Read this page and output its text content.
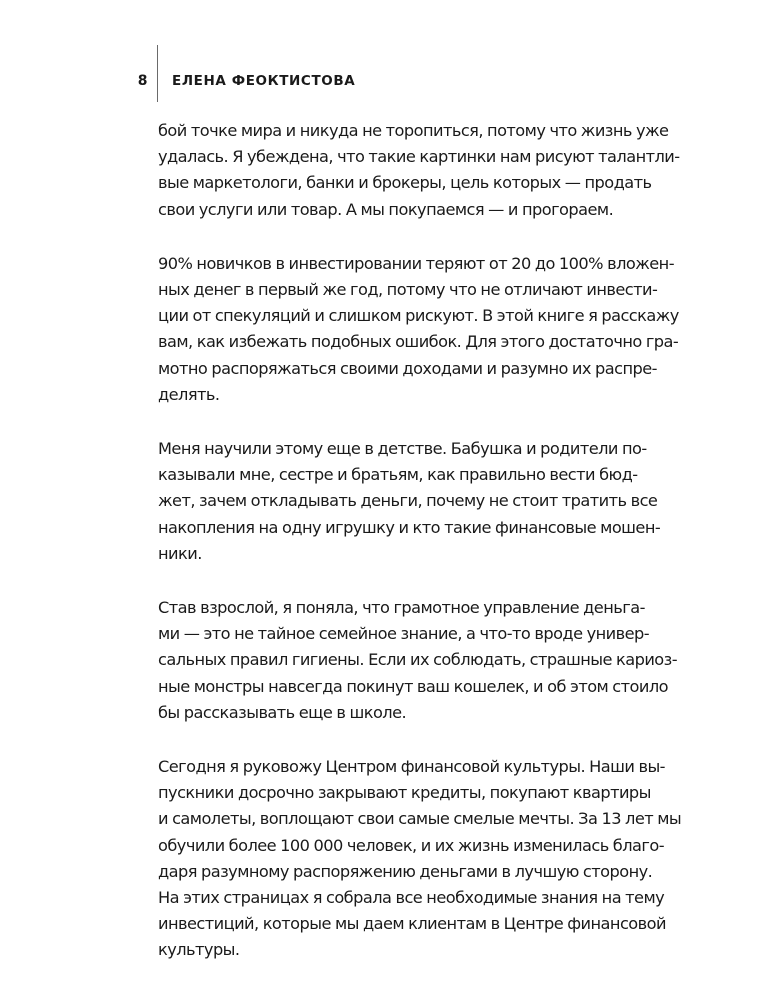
8 ЕЛЕНА ФЕОКТИСТОВА

бой точке мира и никуда не торопиться, потому что жизнь уже
удалась. Я убеждена, что такие картинки нам рисуют талантли-
вые маркетологи, банки и брокеры, цель которых — продать
свои услуги или товар. А мы покупаемся — и прогораем.

90% новичков в инвестировании теряют от 20 до 100% вложен-
ных денег в первый же год, потому что не отличают инвести-
ции от спекуляций и слишком рискуют. В этой книге я расскажу
вам, как избежать подобных ошибок. Для этого достаточно гра-
мотно распоряжаться своими доходами и разумно их распре-
делять.

Меня научили этому еще в детстве. Бабушка и родители по-
казывали мне, сестре и братьям, как правильно вести бюд-
жет, зачем откладывать деньги, почему не стоит тратить все
накопления на одну игрушку и кто такие финансовые мошен-
ники.

Став взрослой, я поняла, что грамотное управление деньга-
ми — это не тайное семейное знание, а что-то вроде универ-
сальных правил гигиены. Если их соблюдать, страшные кариоз-
ные монстры навсегда покинут ваш кошелек, и об этом стоило
бы рассказывать еще в школе.

Сегодня я руковожу Центром финансовой культуры. Наши вы-
пускники досрочно закрывают кредиты, покупают квартиры
и самолеты, воплощают свои самые смелые мечты. За 13 лет мы
обучили более 100 000 человек, и их жизнь изменилась благо-
даря разумному распоряжению деньгами в лучшую сторону.
На этих страницах я собрала все необходимые знания на тему
инвестиций, которые мы даем клиентам в Центре финансовой
культуры.
